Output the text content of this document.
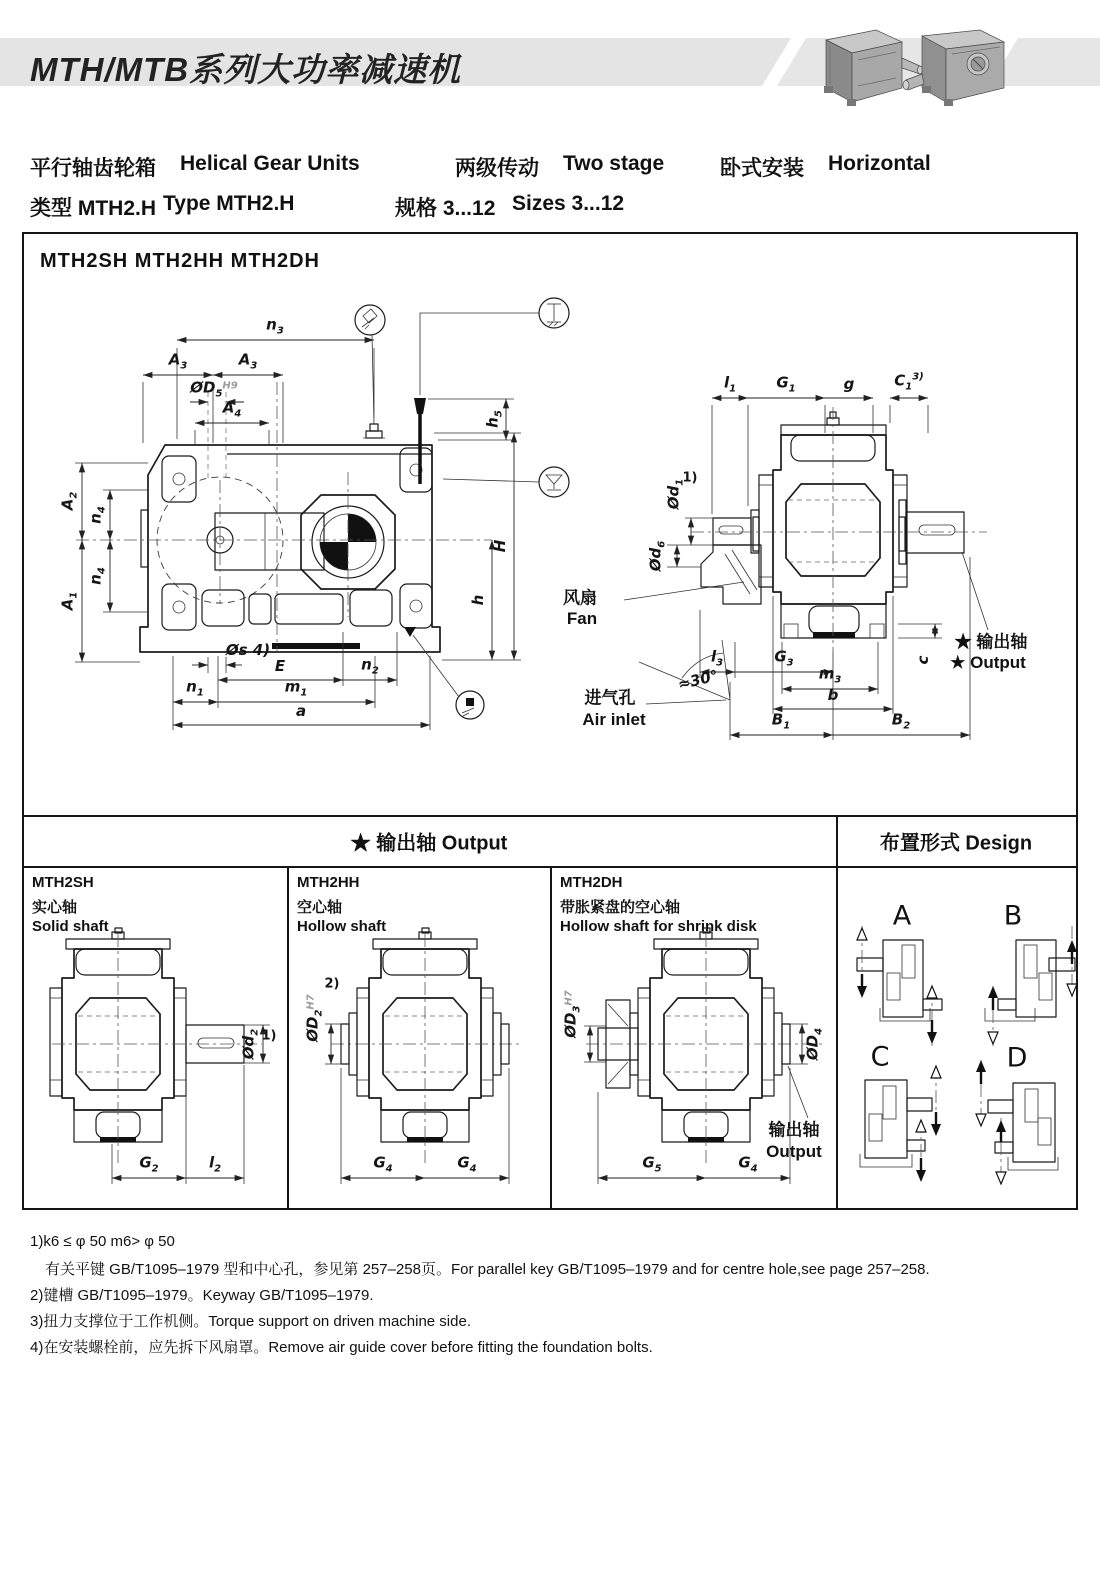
MTH/MTB系列大功率减速机
平行轴齿轮箱 Helical Gear Units	两级传动 Two stage	卧式安装 Horizontal
类型 MTH2.H Type MTH2.H	规格 3...12 Sizes 3...12
MTH2SH MTH2HH MTH2DH
$n_3$
$A_3$	$A_3$
$ØD_5^{H9}$
$A_4$
$h_5$
$A_2$
$n_4$
$n_4$
$A_1$
H
h
Øs 4)
E	$n_2$
$n_1$	$m_1$
a
$l_1$	$G_1$	g	$C_1^{3)}$
$Ød_1$
1)
$Ød_6$
≈30°
$l_3$	$G_3$
$m_3$
b
$B_1$	$B_2$
c
风扇
Fan
进气孔
Air inlet
★ 输出轴
★ Output
★ 输出轴 Output	布置形式 Design
MTH2SH
实心轴
Solid shaft
MTH2HH
空心轴
Hollow shaft
MTH2DH
带胀紧盘的空心轴
Hollow shaft for shrink disk
$Ød_2$ 1)
$G_2$	$l_2$
$ØD_2^{H7}$
2)
$G_4$	$G_4$
$ØD_3^{H7}$
$ØD_4$
输出轴
Output
$G_5$	$G_4$
A	B
C	D
1)k6 ≤ φ 50 m6> φ 50
有关平键 GB/T1095–1979 型和中心孔，参见第 257–258页。For parallel key GB/T1095–1979 and for centre hole,see page 257–258.
2)键槽 GB/T1095–1979。Keyway GB/T1095–1979.
3)扭力支撑位于工作机侧。Torque support on driven machine side.
4)在安装螺栓前，应先拆下风扇罩。Remove air guide cover before fitting the foundation bolts.
